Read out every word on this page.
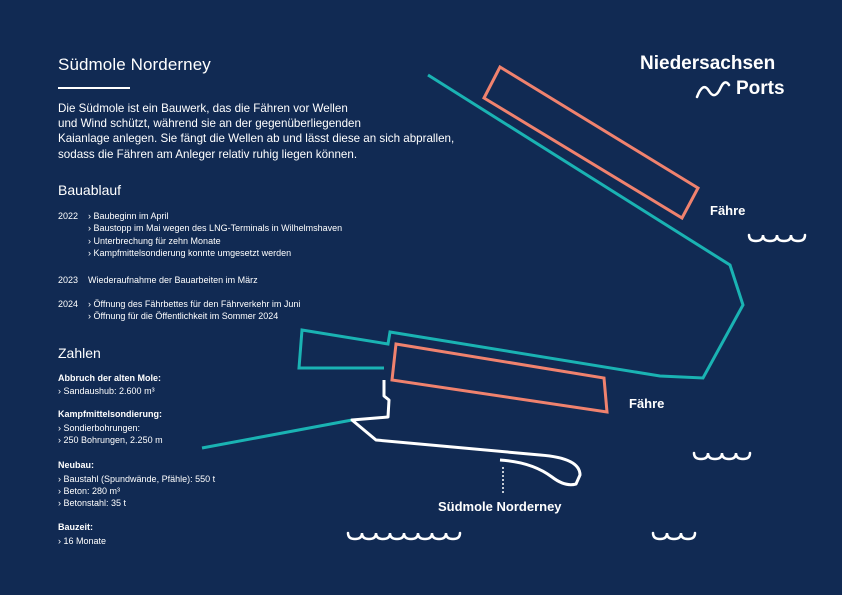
Südmole Norderney
Die Südmole ist ein Bauwerk, das die Fähren vor Wellen
und Wind schützt, während sie an der gegenüberliegenden
Kaianlage anlegen. Sie fängt die Wellen ab und lässt diese an sich abprallen,
sodass die Fähren am Anleger relativ ruhig liegen können.
Bauablauf
2022 › Baubeginn im April
› Baustopp im Mai wegen des LNG-Terminals in Wilhelmshaven
› Unterbrechung für zehn Monate
› Kampfmittelsondierung konnte umgesetzt werden
2023 Wiederaufnahme der Bauarbeiten im März
2024 › Öffnung des Fährbettes für den Fährverkehr im Juni
› Öffnung für die Öffentlichkeit im Sommer 2024
Zahlen
Abbruch der alten Mole:
› Sandaushub: 2.600 m³
Kampfmittelsondierung:
› Sondierbohrungen:
› 250 Bohrungen, 2.250 m
Neubau:
› Baustahl (Spundwände, Pfähle): 550 t
› Beton: 280 m³
› Betonstahl: 35 t
Bauzeit:
› 16 Monate
Niedersachsen
Ports
Fähre
Fähre
Südmole Norderney
